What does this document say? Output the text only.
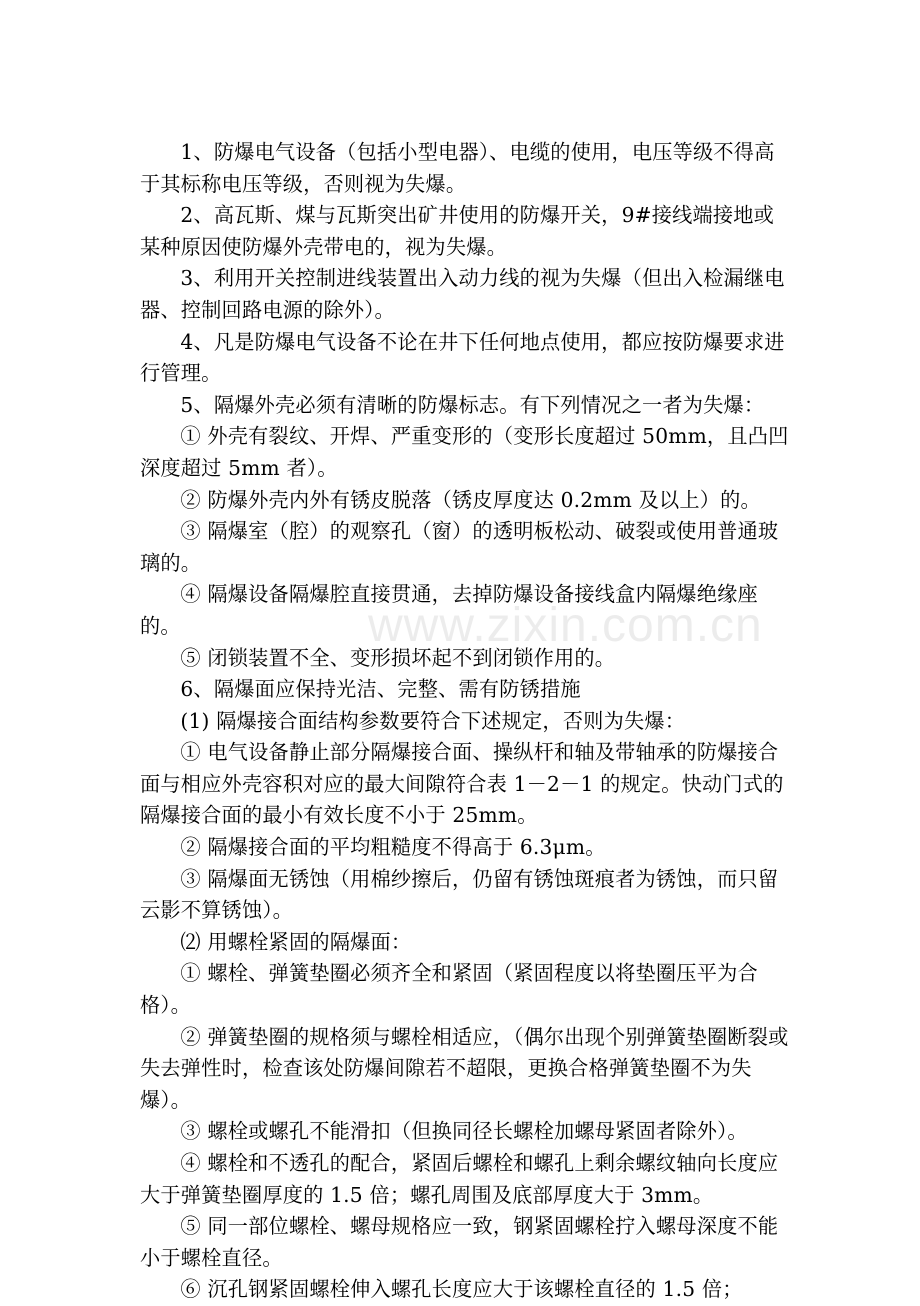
www.zixin.com.cn

1、防爆电气设备（包括小型电器）、电缆的使用，电压等级不得高于其标称电压等级，否则视为失爆。

2、高瓦斯、煤与瓦斯突出矿井使用的防爆开关，9#接线端接地或某种原因使防爆外壳带电的，视为失爆。

3、利用开关控制进线装置出入动力线的视为失爆（但出入检漏继电器、控制回路电源的除外）。

4、凡是防爆电气设备不论在井下任何地点使用，都应按防爆要求进行管理。

5、隔爆外壳必须有清晰的防爆标志。有下列情况之一者为失爆：

① 外壳有裂纹、开焊、严重变形的（变形长度超过 50mm，且凸凹深度超过 5mm 者）。

② 防爆外壳内外有锈皮脱落（锈皮厚度达 0.2mm 及以上）的。

③ 隔爆室（腔）的观察孔（窗）的透明板松动、破裂或使用普通玻璃的。

④ 隔爆设备隔爆腔直接贯通，去掉防爆设备接线盒内隔爆绝缘座的。

⑤ 闭锁装置不全、变形损坏起不到闭锁作用的。

6、隔爆面应保持光洁、完整、需有防锈措施

(1) 隔爆接合面结构参数要符合下述规定，否则为失爆：

① 电气设备静止部分隔爆接合面、操纵杆和轴及带轴承的防爆接合面与相应外壳容积对应的最大间隙符合表 1－2－1 的规定。快动门式的隔爆接合面的最小有效长度不小于 25mm。

② 隔爆接合面的平均粗糙度不得高于 6.3μm。

③ 隔爆面无锈蚀（用棉纱擦后，仍留有锈蚀斑痕者为锈蚀，而只留云影不算锈蚀）。

⑵ 用螺栓紧固的隔爆面：

① 螺栓、弹簧垫圈必须齐全和紧固（紧固程度以将垫圈压平为合格）。

② 弹簧垫圈的规格须与螺栓相适应，（偶尔出现个别弹簧垫圈断裂或失去弹性时，检查该处防爆间隙若不超限，更换合格弹簧垫圈不为失爆）。

③ 螺栓或螺孔不能滑扣（但换同径长螺栓加螺母紧固者除外）。

④ 螺栓和不透孔的配合，紧固后螺栓和螺孔上剩余螺纹轴向长度应大于弹簧垫圈厚度的 1.5 倍；螺孔周围及底部厚度大于 3mm。

⑤ 同一部位螺栓、螺母规格应一致，钢紧固螺栓拧入螺母深度不能小于螺栓直径。

⑥ 沉孔钢紧固螺栓伸入螺孔长度应大于该螺栓直径的 1.5 倍；
